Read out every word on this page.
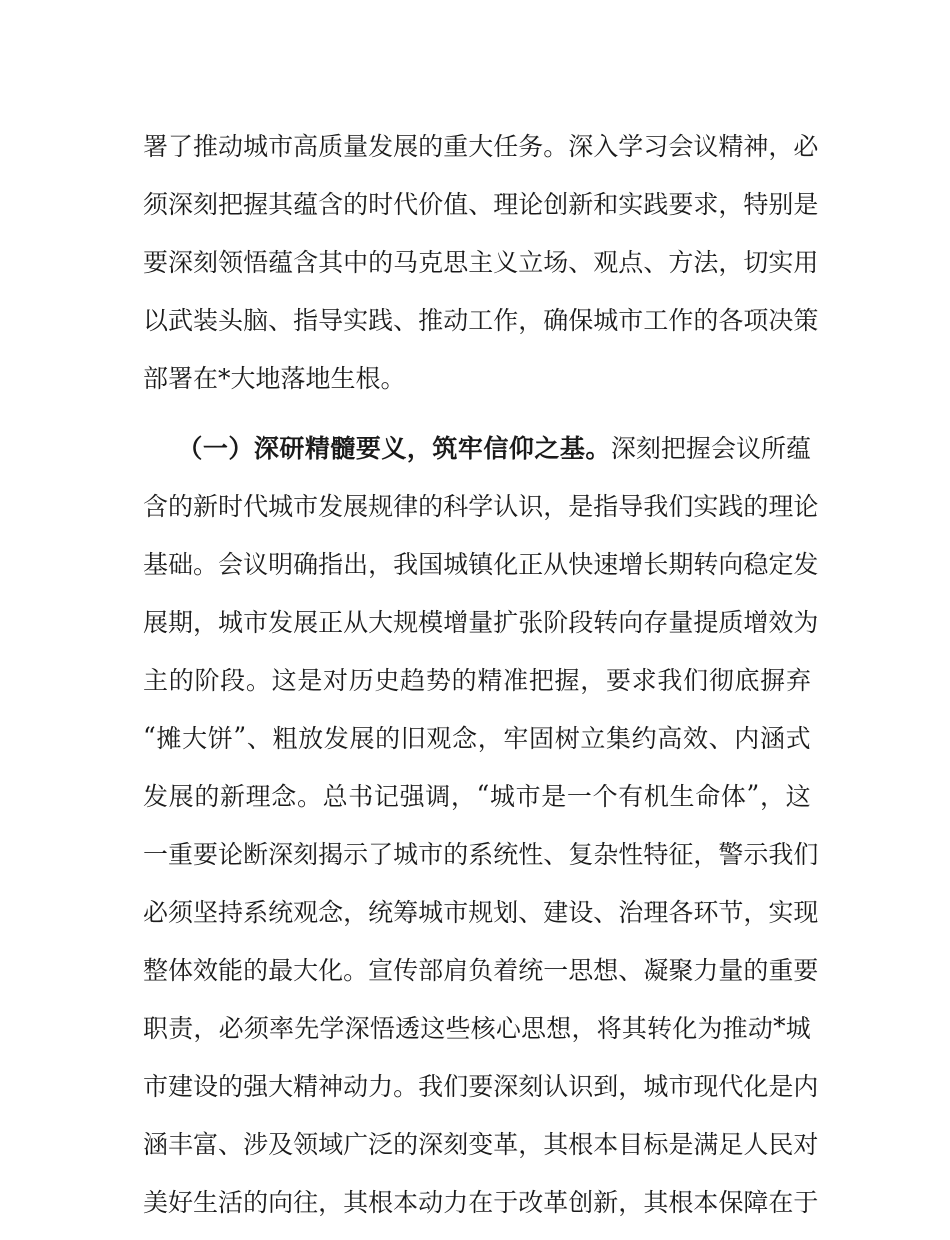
署 了 推 动 城 市 高 质 量 发 展 的 重 大 任 务 。 深 入 学 习 会 议 精 神 ， 必
须 深 刻 把 握 其 蕴 含 的 时 代 价 值 、 理 论 创 新 和 实 践 要 求 ， 特 别 是
要 深 刻 领 悟 蕴 含 其 中 的 马 克 思 主 义 立 场 、 观 点 、 方 法 ， 切 实 用
以 武 装 头 脑 、 指 导 实 践 、 推 动 工 作 ， 确 保 城 市 工 作 的 各 项 决 策
部署在*大地落地生根。
（一）深研精髓要义，筑牢信仰之基。 深 刻 把 握 会 议 所 蕴
含 的 新 时 代 城 市 发 展 规 律 的 科 学 认 识 ， 是 指 导 我 们 实 践 的 理 论
基 础 。 会 议 明 确 指 出 ， 我 国 城 镇 化 正 从 快 速 增 长 期 转 向 稳 定 发
展 期 ， 城 市 发 展 正 从 大 规 模 增 量 扩 张 阶 段 转 向 存 量 提 质 增 效 为
主 的 阶 段 。 这 是 对 历 史 趋 势 的 精 准 把 握 ， 要 求 我 们 彻 底 摒 弃
“ 摊 大 饼 ” 、 粗 放 发 展 的 旧 观 念 ， 牢 固 树 立 集 约 高 效 、 内 涵 式
发 展 的 新 理 念 。 总 书 记 强 调 ， “ 城 市 是 一 个 有 机 生 命 体 ” ， 这
一 重 要 论 断 深 刻 揭 示 了 城 市 的 系 统 性 、 复 杂 性 特 征 ， 警 示 我 们
必 须 坚 持 系 统 观 念 ， 统 筹 城 市 规 划 、 建 设 、 治 理 各 环 节 ， 实 现
整 体 效 能 的 最 大 化 。 宣 传 部 肩 负 着 统 一 思 想 、 凝 聚 力 量 的 重 要
职 责 ， 必 须 率 先 学 深 悟 透 这 些 核 心 思 想 ， 将 其 转 化 为 推 动 * 城
市 建 设 的 强 大 精 神 动 力 。 我 们 要 深 刻 认 识 到 ， 城 市 现 代 化 是 内
涵 丰 富 、 涉 及 领 域 广 泛 的 深 刻 变 革 ， 其 根 本 目 标 是 满 足 人 民 对
美 好 生 活 的 向 往 ， 其 根 本 动 力 在 于 改 革 创 新 ， 其 根 本 保 障 在 于
